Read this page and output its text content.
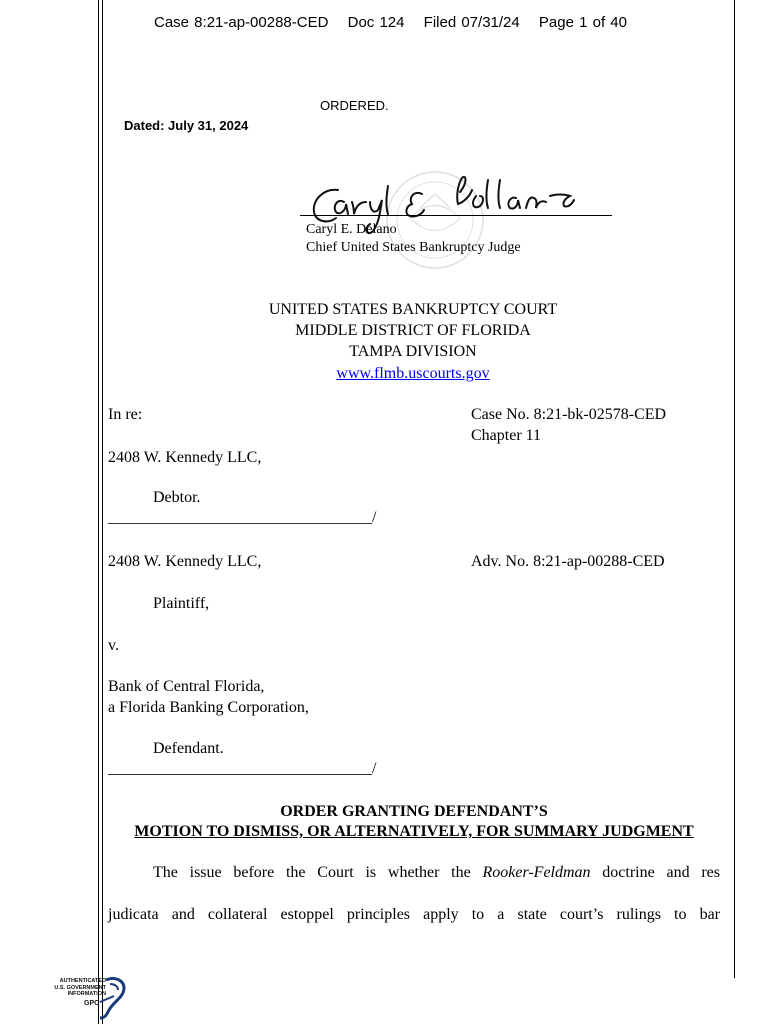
Case 8:21-ap-00288-CED Doc 124 Filed 07/31/24 Page 1 of 40
ORDERED.
Dated: July 31, 2024
Caryl E. Delano
Chief United States Bankruptcy Judge
UNITED STATES BANKRUPTCY COURT
MIDDLE DISTRICT OF FLORIDA
TAMPA DIVISION
www.flmb.uscourts.gov
In re:	Case No. 8:21-bk-02578-CED
Chapter 11
2408 W. Kennedy LLC,
Debtor.
_________________________________/
2408 W. Kennedy LLC,	Adv. No. 8:21-ap-00288-CED
Plaintiff,
v.
Bank of Central Florida,
a Florida Banking Corporation,
Defendant.
_________________________________/
ORDER GRANTING DEFENDANT’S
MOTION TO DISMISS, OR ALTERNATIVELY, FOR SUMMARY JUDGMENT
The issue before the Court is whether the Rooker-Feldman doctrine and res
judicata and collateral estoppel principles apply to a state court’s rulings to bar
AUTHENTICATED
U.S. GOVERNMENT
INFORMATION
GPO
